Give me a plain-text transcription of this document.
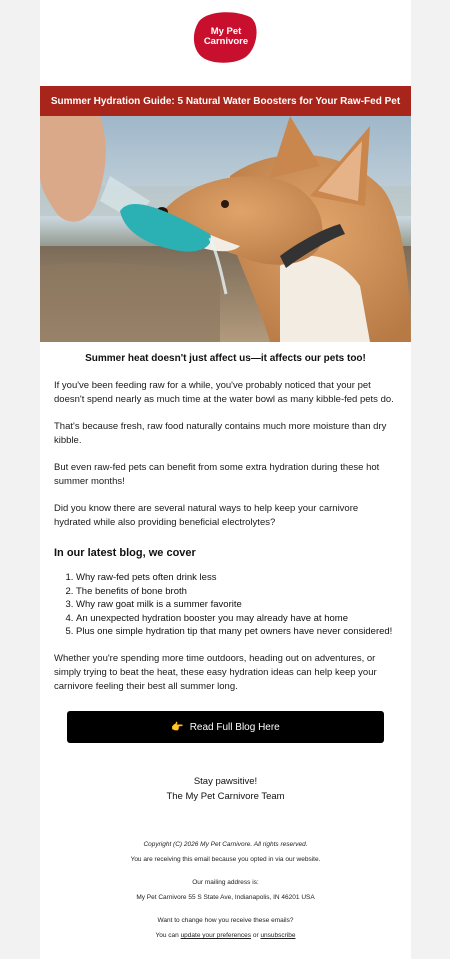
My Pet
Carnivore
Summer Hydration Guide: 5 Natural Water Boosters for Your Raw-Fed Pet

Summer heat doesn't just affect us—it affects our pets too!

If you've been feeding raw for a while, you've probably noticed that your pet doesn't spend nearly as much time at the water bowl as many kibble-fed pets do.

That's because fresh, raw food naturally contains much more moisture than dry kibble.

But even raw-fed pets can benefit from some extra hydration during these hot summer months!

Did you know there are several natural ways to help keep your carnivore hydrated while also providing beneficial electrolytes?

In our latest blog, we cover
1. Why raw-fed pets often drink less
2. The benefits of bone broth
3. Why raw goat milk is a summer favorite
4. An unexpected hydration booster you may already have at home
5. Plus one simple hydration tip that many pet owners have never considered!

Whether you're spending more time outdoors, heading out on adventures, or simply trying to beat the heat, these easy hydration ideas can help keep your carnivore feeling their best all summer long.

👉 Read Full Blog Here
Stay pawsitive!
The My Pet Carnivore Team
Copyright (C) 2026 My Pet Carnivore. All rights reserved.
You are receiving this email because you opted in via our website.
Our mailing address is:
My Pet Carnivore 55 S State Ave, Indianapolis, IN 46201 USA
Want to change how you receive these emails?
You can update your preferences or unsubscribe
